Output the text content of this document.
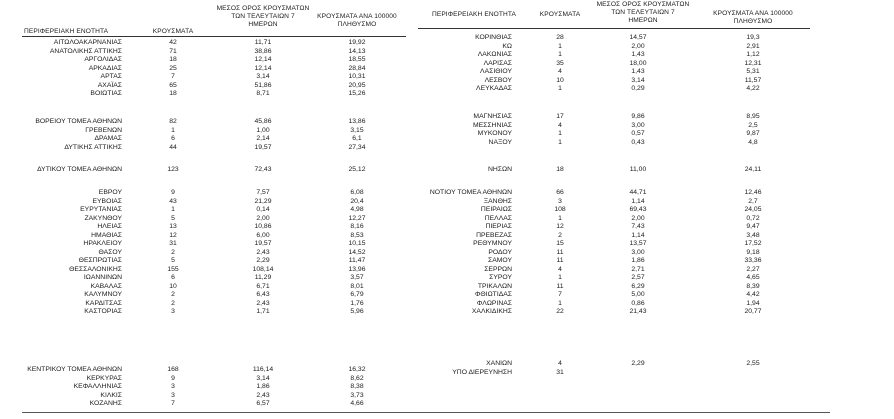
ΠΕΡΙΦΕΡΕΙΑΚΗ ΕΝΟΤΗΤΑ	ΚΡΟΥΣΜΑΤΑ
ΜΕΣΟΣ ΟΡΟΣ ΚΡΟΥΣΜΑΤΩΝ
ΤΩΝ ΤΕΛΕΥΤΑΙΩΝ 7
ΗΜΕΡΩΝ
ΚΡΟΥΣΜΑΤΑ ΑΝΑ 100000
ΠΛΗΘΥΣΜΟ
ΠΕΡΙΦΕΡΕΙΑΚΗ ΕΝΟΤΗΤΑ	ΚΡΟΥΣΜΑΤΑ
ΜΕΣΟΣ ΟΡΟΣ ΚΡΟΥΣΜΑΤΩΝ
ΤΩΝ ΤΕΛΕΥΤΑΙΩΝ 7
ΗΜΕΡΩΝ
ΚΡΟΥΣΜΑΤΑ ΑΝΑ 100000
ΠΛΗΘΥΣΜΟ
ΑΙΤΩΛΟΑΚΑΡΝΑΝΙΑΣ	42	11,71	19,92
ΑΝΑΤΟΛΙΚΗΣ ΑΤΤΙΚΗΣ	71	38,86	14,13
ΑΡΓΟΛΙΔΑΣ	18	12,14	18,55
ΑΡΚΑΔΙΑΣ	25	12,14	28,84
ΑΡΤΑΣ	7	3,14	10,31
ΑΧΑΪΑΣ	65	51,86	20,95
ΒΟΙΩΤΙΑΣ	18	8,71	15,26
ΒΟΡΕΙΟΥ ΤΟΜΕΑ ΑΘΗΝΩΝ	82	45,86	13,86
ΓΡΕΒΕΝΩΝ	1	1,00	3,15
ΔΡΑΜΑΣ	6	2,14	6,1
ΔΥΤΙΚΗΣ ΑΤΤΙΚΗΣ	44	19,57	27,34
ΔΥΤΙΚΟΥ ΤΟΜΕΑ ΑΘΗΝΩΝ	123	72,43	25,12
ΕΒΡΟΥ	9	7,57	6,08
ΕΥΒΟΙΑΣ	43	21,29	20,4
ΕΥΡΥΤΑΝΙΑΣ	1	0,14	4,98
ΖΑΚΥΝΘΟΥ	5	2,00	12,27
ΗΛΕΙΑΣ	13	10,86	8,16
ΗΜΑΘΙΑΣ	12	6,00	8,53
ΗΡΑΚΛΕΙΟΥ	31	19,57	10,15
ΘΑΣΟΥ	2	2,43	14,52
ΘΕΣΠΡΩΤΙΑΣ	5	2,29	11,47
ΘΕΣΣΑΛΟΝΙΚΗΣ	155	108,14	13,96
ΙΩΑΝΝΙΝΩΝ	6	11,29	3,57
ΚΑΒΑΛΑΣ	10	6,71	8,01
ΚΑΛΥΜΝΟΥ	2	6,43	6,79
ΚΑΡΔΙΤΣΑΣ	2	2,43	1,76
ΚΑΣΤΟΡΙΑΣ	3	1,71	5,96
ΚΕΝΤΡΙΚΟΥ ΤΟΜΕΑ ΑΘΗΝΩΝ	168	116,14	16,32
ΚΕΡΚΥΡΑΣ	9	3,14	8,62
ΚΕΦΑΛΛΗΝΙΑΣ	3	1,86	8,38
ΚΙΛΚΙΣ	3	2,43	3,73
ΚΟΖΑΝΗΣ	7	6,57	4,66
ΚΟΡΙΝΘΙΑΣ	28	14,57	19,3
ΚΩ	1	2,00	2,91
ΛΑΚΩΝΙΑΣ	1	1,43	1,12
ΛΑΡΙΣΑΣ	35	18,00	12,31
ΛΑΣΙΘΙΟΥ	4	1,43	5,31
ΛΕΣΒΟΥ	10	3,14	11,57
ΛΕΥΚΑΔΑΣ	1	0,29	4,22
ΜΑΓΝΗΣΙΑΣ	17	9,86	8,95
ΜΕΣΣΗΝΙΑΣ	4	3,00	2,5
ΜΥΚΟΝΟΥ	1	0,57	9,87
ΝΑΞΟΥ	1	0,43	4,8
ΝΗΣΩΝ	18	11,00	24,11
ΝΟΤΙΟΥ ΤΟΜΕΑ ΑΘΗΝΩΝ	66	44,71	12,46
ΞΑΝΘΗΣ	3	1,14	2,7
ΠΕΙΡΑΙΩΣ	108	69,43	24,05
ΠΕΛΛΑΣ	1	2,00	0,72
ΠΙΕΡΙΑΣ	12	7,43	9,47
ΠΡΕΒΕΖΑΣ	2	1,14	3,48
ΡΕΘΥΜΝΟΥ	15	13,57	17,52
ΡΟΔΟΥ	11	3,00	9,18
ΣΑΜΟΥ	11	1,86	33,36
ΣΕΡΡΩΝ	4	2,71	2,27
ΣΥΡΟΥ	1	2,57	4,65
ΤΡΙΚΑΛΩΝ	11	6,29	8,39
ΦΘΙΩΤΙΔΑΣ	7	5,00	4,42
ΦΛΩΡΙΝΑΣ	1	0,86	1,94
ΧΑΛΚΙΔΙΚΗΣ	22	21,43	20,77
ΧΑΝΙΩΝ	4	2,29	2,55
ΥΠΟ ΔΙΕΡΕΥΝΗΣΗ	31
